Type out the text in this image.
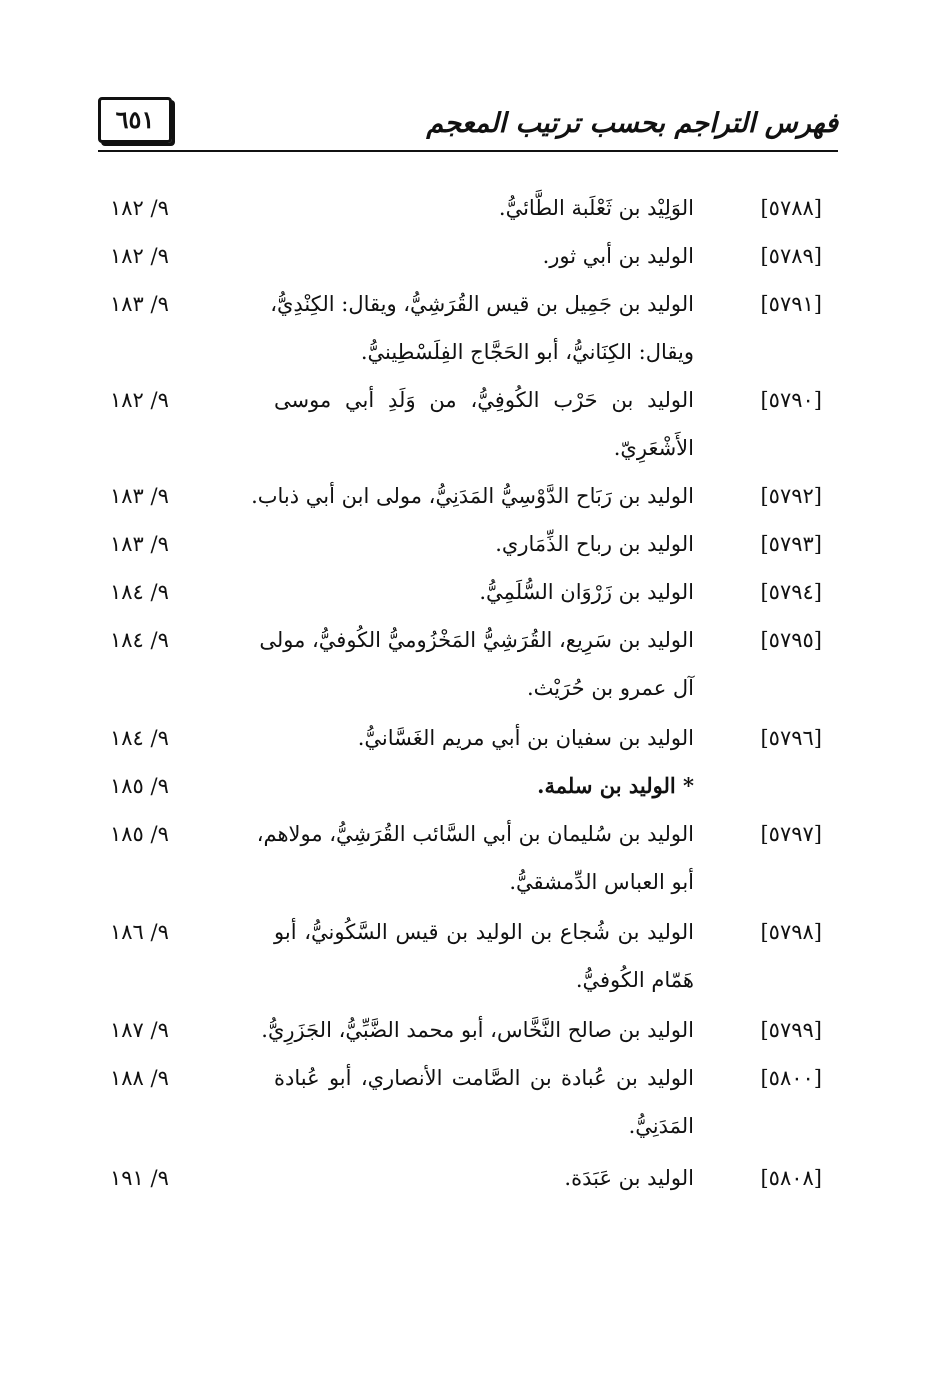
فهرس التراجم بحسب ترتيب المعجم
٦٥١
٩/ ١٨٢	الوَلِيْد بن ثَعْلَبة الطَّائيُّ.	[٥٧٨٨]
٩/ ١٨٢	الوليد بن أبي ثور.	[٥٧٨٩]
٩/ ١٨٣	الوليد بن جَمِيل بن قيس القُرَشِيُّ، ويقال: الكِنْدِيُّ،	[٥٧٩١]
ويقال: الكِنَانيُّ، أبو الحَجَّاج الفِلَسْطِينيُّ.
٩/ ١٨٢	الوليد بن حَرْب الكُوفِيُّ، من وَلَدِ أبي موسى	[٥٧٩٠]
الأَشْعَرِيّ.
٩/ ١٨٣	الوليد بن رَبَاح الدَّوْسِيُّ المَدَنِيُّ، مولى ابن أبي ذباب.	[٥٧٩٢]
٩/ ١٨٣	الوليد بن رباح الذِّمَاري.	[٥٧٩٣]
٩/ ١٨٤	الوليد بن زَرْوَان السُّلَمِيُّ.	[٥٧٩٤]
٩/ ١٨٤	الوليد بن سَرِيع، القُرَشِيُّ المَخْزُوميُّ الكُوفيُّ، مولى	[٥٧٩٥]
آل عمرو بن حُرَيْث.
٩/ ١٨٤	الوليد بن سفيان بن أبي مريم الغَسَّانيُّ.	[٥٧٩٦]
٩/ ١٨٥	* الوليد بن سلمة.
٩/ ١٨٥	الوليد بن سُليمان بن أبي السَّائب القُرَشِيُّ، مولاهم،	[٥٧٩٧]
أبو العباس الدِّمشقيُّ.
٩/ ١٨٦	الوليد بن شُجاع بن الوليد بن قيس السَّكُونيُّ، أبو	[٥٧٩٨]
هَمّام الكُوفيُّ.
٩/ ١٨٧	الوليد بن صالح النَّخَّاس، أبو محمد الضَّبِّيُّ، الجَزَرِيُّ.	[٥٧٩٩]
٩/ ١٨٨	الوليد بن عُبادة بن الصَّامت الأنصاري، أبو عُبادة	[٥٨٠٠]
المَدَنِيُّ.
٩/ ١٩١	الوليد بن عَبَدَة.	[٥٨٠٨]
